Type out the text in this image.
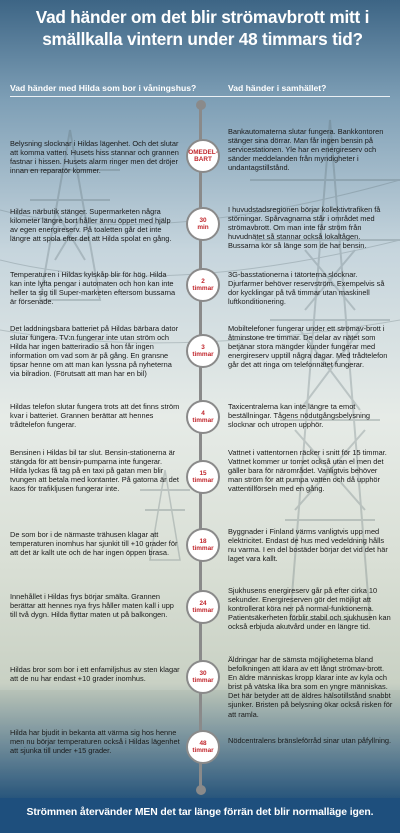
Vad händer om det blir strömavbrott mitt i smällkalla vintern under 48 timmars tid?
Vad händer med Hilda som bor i våningshus?	Vad händer i samhället?
Belysning slocknar i Hildas lägenhet. Och det slutar att komma vatten. Husets hiss stannar och grannen fastnar i hissen. Husets alarm ringer men det dröjer innan en reparatör kommer.
OMEDEL-
BART
Bankautomaterna slutar fungera. Bankkontoren stänger sina dörrar. Man får ingen bensin på servicestationen. Yle har en energireserv och sänder meddelanden från myndigheter i undantagstillstånd.
Hildas närbutik stänger. Supermarketen några kilometer längre bort håller ännu öppet med hjälp av egen energireserv. På toaletten går det inte längre att spola efter det att Hilda spolat en gång.
30
min
I huvudstadsregionen börjar kollektivtrafiken få störningar. Spårvagnarna står i området med strömavbrott. Om man inte får ström från huvudnätet så stannar också lokaltågen. Bussarna kör så länge som de har bensin.
Temperaturen i Hildas kylskåp blir för hög. Hilda kan inte lyfta pengar i automaten och hon kan inte heller ta sig till Super-marketen eftersom bussarna är försenade.
2
timmar
3G-basstationerna i tätorterna slocknar. Djurfarmer behöver reservström. Exempelvis så dor kycklingar på två timmar utan maskinell luftkonditionering.
Det laddningsbara batteriet på Hildas bärbara dator slutar fungera. TV:n fungerar inte utan ström och Hilda har ingen batteriradio så hon får ingen information om vad som är på gång. En gransne tipsar henne om att man kan lyssna på nyheterna via bilradion. (Förutsatt att man har en bil)
3
timmar
Mobiltelefoner fungerar under ett strömav-brott i åtminstone tre timmar. De delar av nätet som betjänar stora mängder kunder fungerar med energireserv upptill några dagar. Med trådtelefon går det att ringa om telefonnätet fungerar.
Hildas telefon slutar fungera trots att det finns ström kvar i batteriet. Grannen berättar att hennes trådtelefon fungerar.
4
timmar
Taxicentralerna kan inte längre ta emot beställningar. Tågens nödutgångsbelysning slocknar och utropen upphör.
Bensinen i Hildas bil tar slut. Bensin-stationerna är stängda för att bensin-pumparna inte fungerar. Hilda lyckas få tag på en taxi på gatan men blir tvungen att betala med kontanter. På gatorna är det kaos för trafikljusen fungerar inte.
15
timmar
Vattnet i vattentornen räcker i snitt för 15 timmar. Vattnet kommer ur tornet också utan el men det gäller bara för närområdet. Vanligtvis behöver man ström för att pumpa vatten och då upphör vattentillförseln med en gång.
De som bor i de närmaste trähusen klagar att temperaturen inomhus har sjunkit till +10 grader för att det är kallt ute och de har ingen öppen brasa.
18
timmar
Byggnader i Finland värms vanligtvis upp med elektricitet. Endast de hus med vedeldning hålls nu varma. I en del bostäder börjar det vid det här laget vara kallt.
Innehållet i Hildas frys börjar smälta. Grannen berättar att hennes nya frys håller maten kall i upp till två dygn. Hilda flyttar maten ut på balkongen.
24
timmar
Sjukhusens energireserv går på efter cirka 10 sekunder. Energireserven gör det möjligt att kontrollerat köra ner på normal-funktionerna. Patientsäkerheten förblir stabil och sjukhusen kan också erbjuda akutvård under en längre tid.
Hildas bror som bor i ett enfamiljshus av sten klagar att de nu har endast +10 grader inomhus.
30
timmar
Äldringar har de sämsta möjligheterna bland befolkningen att klara av ett långt strömav-brott. En äldre människas kropp klarar inte av kyla och brist på vätska lika bra som en yngre människas. Det här betyder att de äldres hälsotillstånd snabbt sjunker. Bristen på belysning ökar också risken för att ramla.
Hilda har bjudit in bekanta att värma sig hos henne men nu börjar temperaturen också i Hildas lägenhet att sjunka till under +15 grader.
48
timmar
Nödcentralens bränsleförråd sinar utan påfyllning.
Strömmen återvänder MEN det tar länge förrän det blir normalläge igen.
